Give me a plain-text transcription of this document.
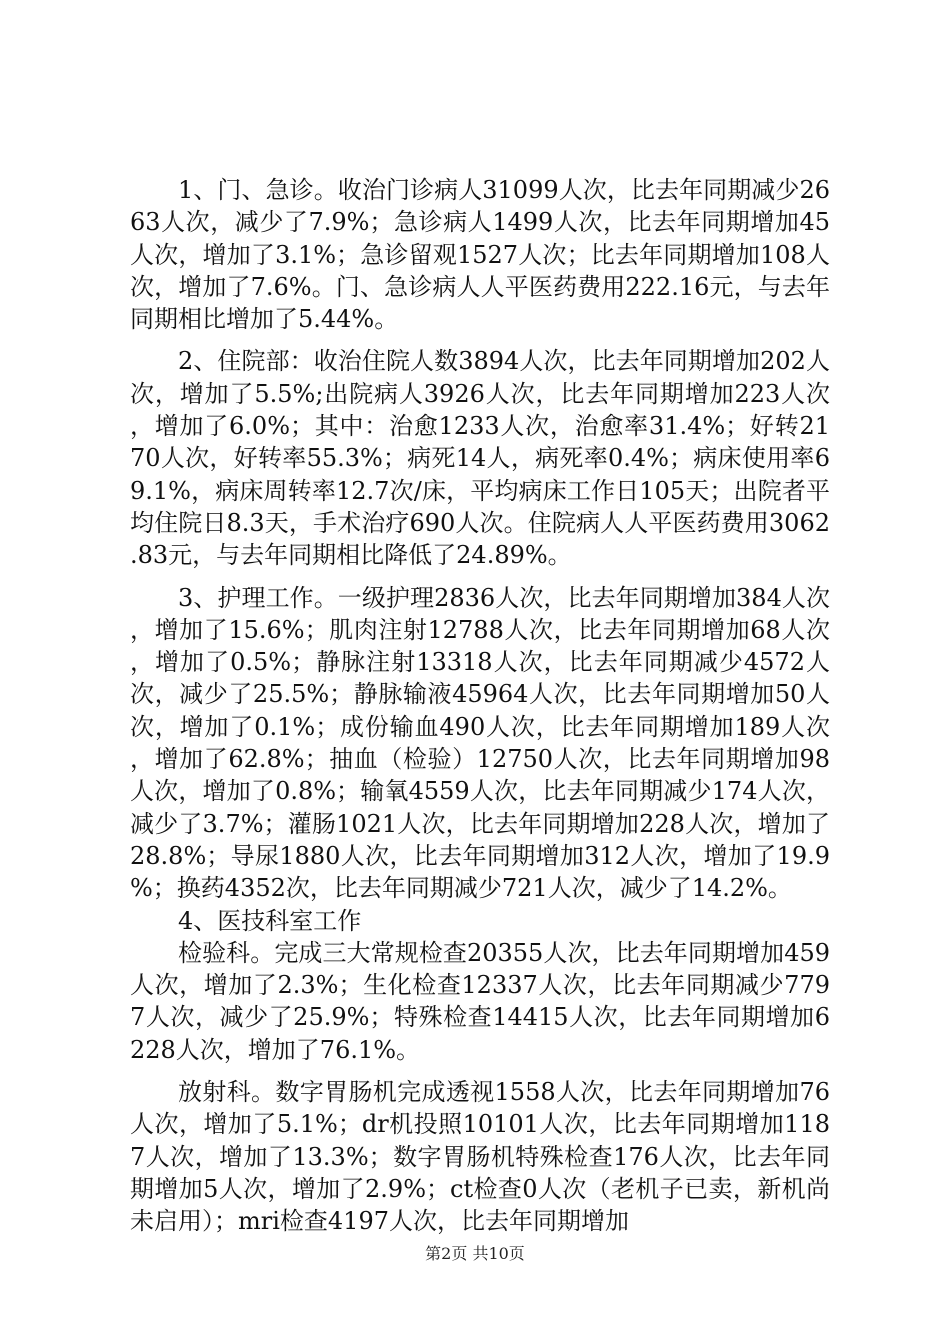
1、门、急诊。收治门诊病人31099人次，比去年同期减少2663人次，减少了7.9%；急诊病人1499人次，比去年同期增加45人次，增加了3.1%；急诊留观1527人次；比去年同期增加108人次，增加了7.6%。门、急诊病人人平医药费用222.16元，与去年同期相比增加了5.44%。

2、住院部：收治住院人数3894人次，比去年同期增加202人次，增加了5.5%;出院病人3926人次，比去年同期增加223人次，增加了6.0%；其中：治愈1233人次，治愈率31.4%；好转2170人次，好转率55.3%；病死14人，病死率0.4%；病床使用率69.1%，病床周转率12.7次/床，平均病床工作日105天；出院者平均住院日8.3天，手术治疗690人次。住院病人人平医药费用3062.83元，与去年同期相比降低了24.89%。

3、护理工作。一级护理2836人次，比去年同期增加384人次，增加了15.6%；肌肉注射12788人次，比去年同期增加68人次，增加了0.5%；静脉注射13318人次，比去年同期减少4572人次，减少了25.5%；静脉输液45964人次，比去年同期增加50人次，增加了0.1%；成份输血490人次，比去年同期增加189人次，增加了62.8%；抽血（检验）12750人次，比去年同期增加98人次，增加了0.8%；输氧4559人次，比去年同期减少174人次，减少了3.7%；灌肠1021人次，比去年同期增加228人次，增加了28.8%；导尿1880人次，比去年同期增加312人次，增加了19.9%；换药4352次，比去年同期减少721人次，减少了14.2%。

4、医技科室工作

检验科。完成三大常规检查20355人次，比去年同期增加459人次，增加了2.3%；生化检查12337人次，比去年同期减少7797人次，减少了25.9%；特殊检查14415人次，比去年同期增加6228人次，增加了76.1%。

放射科。数字胃肠机完成透视1558人次，比去年同期增加76人次，增加了5.1%；dr机投照10101人次，比去年同期增加1187人次，增加了13.3%；数字胃肠机特殊检查176人次，比去年同期增加5人次，增加了2.9%；ct检查0人次（老机子已卖，新机尚未启用）；mri检查4197人次，比去年同期增加

第2页 共10页
